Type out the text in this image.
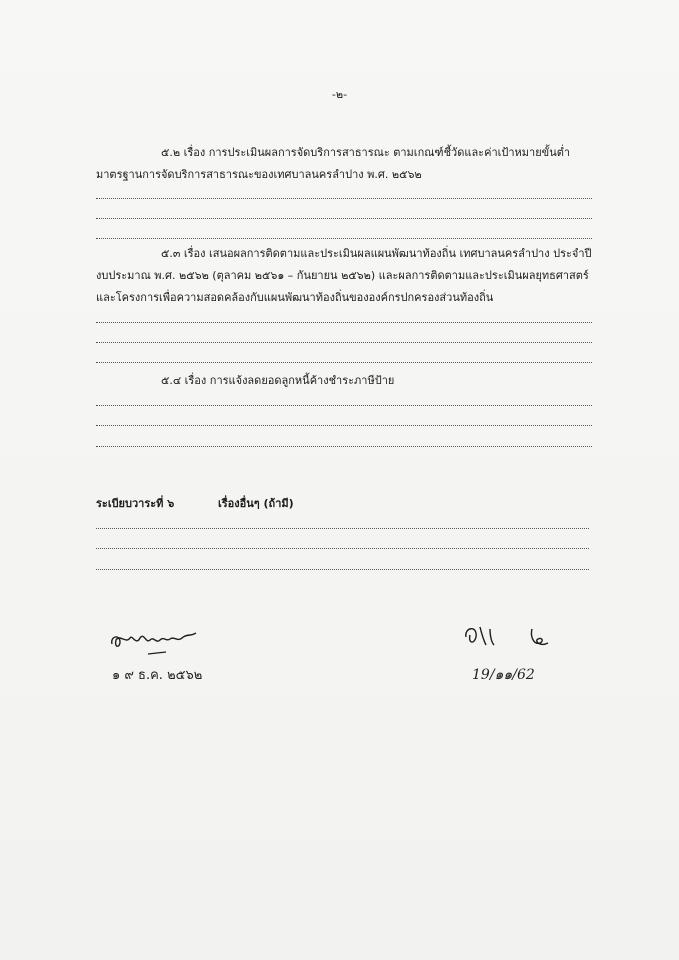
-๒-
๕.๒ เรื่อง การประเมินผลการจัดบริการสาธารณะ ตามเกณฑ์ชี้วัดและค่าเป้าหมายขั้นต่ำ
มาตรฐานการจัดบริการสาธารณะของเทศบาลนครลำปาง พ.ศ. ๒๕๖๒
๕.๓ เรื่อง เสนอผลการติดตามและประเมินผลแผนพัฒนาท้องถิ่น เทศบาลนครลำปาง ประจำปี
งบประมาณ พ.ศ. ๒๕๖๒ (ตุลาคม ๒๕๖๑ – กันยายน ๒๕๖๒) และผลการติดตามและประเมินผลยุทธศาสตร์
และโครงการเพื่อความสอดคล้องกับแผนพัฒนาท้องถิ่นขององค์กรปกครองส่วนท้องถิ่น
๕.๔ เรื่อง การแจ้งลดยอดลูกหนี้ค้างชำระภาษีป้าย
ระเบียบวาระที่ ๖	เรื่องอื่นๆ (ถ้ามี)
๑ ๙ ธ.ค. ๒๕๖๒	19/๑๑/62
